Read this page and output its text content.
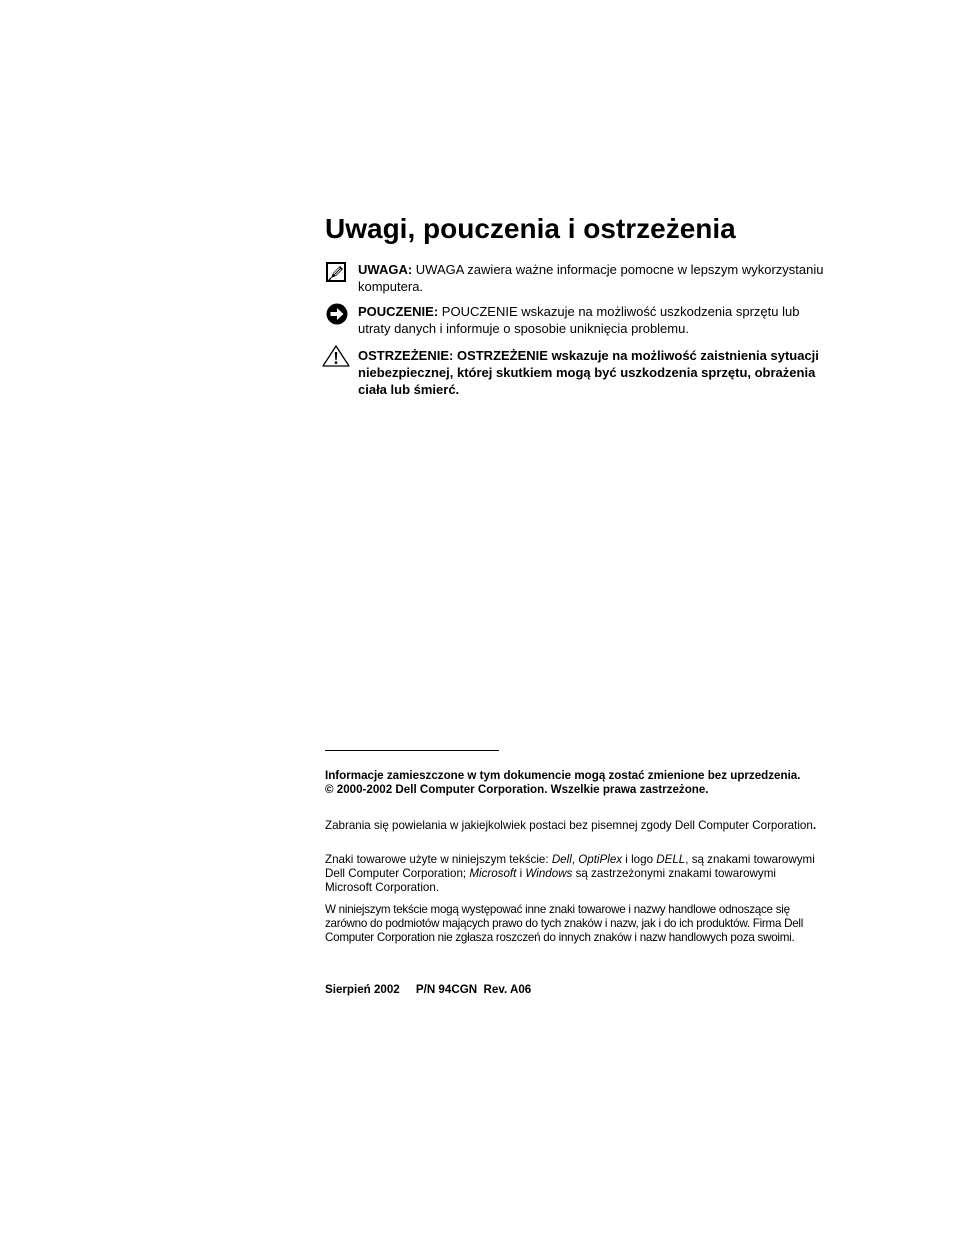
Uwagi, pouczenia i ostrzeżenia
UWAGA: UWAGA zawiera ważne informacje pomocne w lepszym wykorzystaniu komputera.
POUCZENIE: POUCZENIE wskazuje na możliwość uszkodzenia sprzętu lub utraty danych i informuje o sposobie uniknięcia problemu.
OSTRZEŻENIE: OSTRZEŻENIE wskazuje na możliwość zaistnienia sytuacji niebezpiecznej, której skutkiem mogą być uszkodzenia sprzętu, obrażenia ciała lub śmierć.

Informacje zamieszczone w tym dokumencie mogą zostać zmienione bez uprzedzenia.

© 2000-2002 Dell Computer Corporation. Wszelkie prawa zastrzeżone.

Zabrania się powielania w jakiejkolwiek postaci bez pisemnej zgody Dell Computer Corporation.

Znaki towarowe użyte w niniejszym tekście: Dell, OptiPlex i logo DELL, są znakami towarowymi Dell Computer Corporation; Microsoft i Windows są zastrzeżonymi znakami towarowymi Microsoft Corporation.

W niniejszym tekście mogą występować inne znaki towarowe i nazwy handlowe odnoszące się zarówno do podmiotów mających prawo do tych znaków i nazw, jak i do ich produktów. Firma Dell Computer Corporation nie zgłasza roszczeń do innych znaków i nazw handlowych poza swoimi.

Sierpień 2002 P/N 94CGN Rev. A06
